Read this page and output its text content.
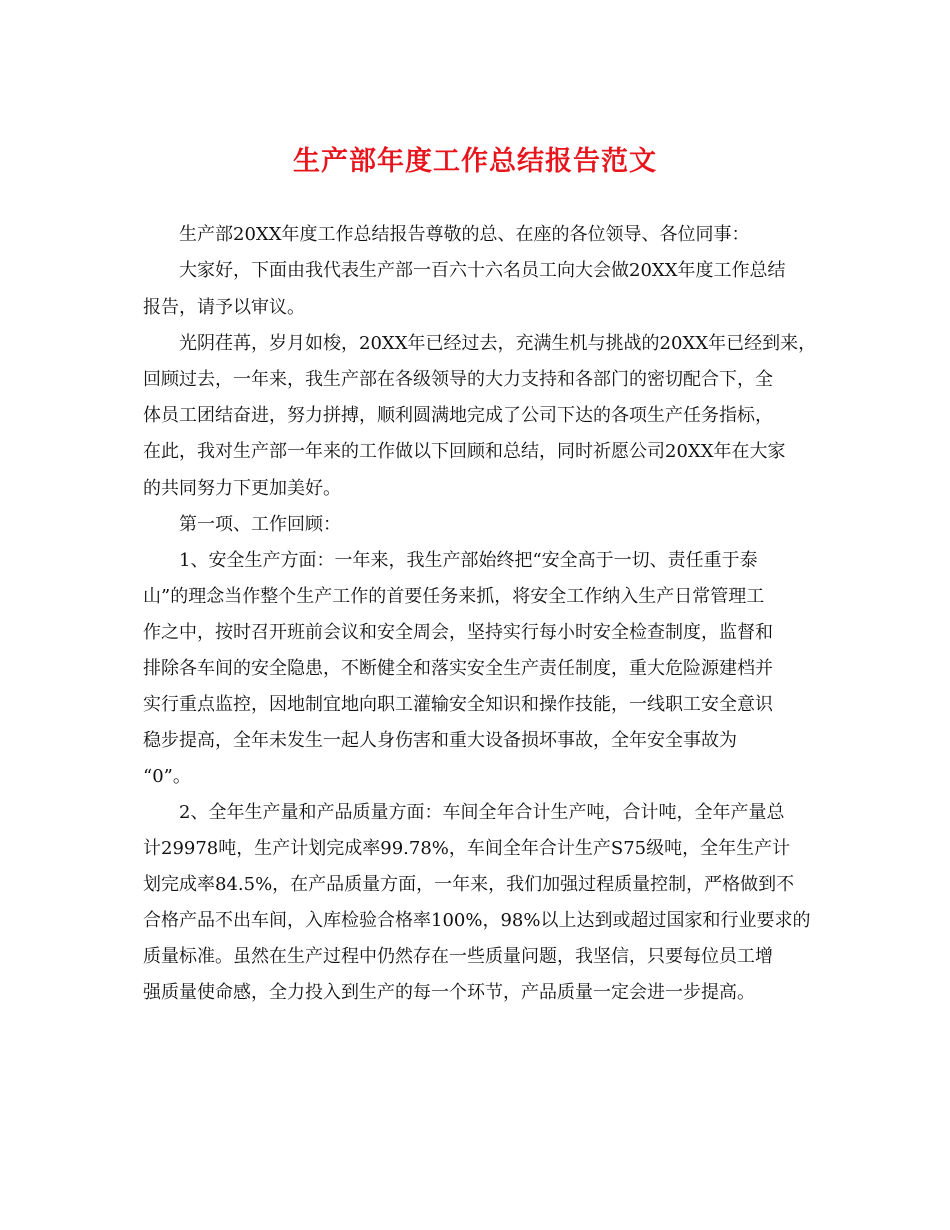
生产部年度工作总结报告范文

生产部20XX年度工作总结报告尊敬的总、在座的各位领导、各位同事：

大家好，下面由我代表生产部一百六十六名员工向大会做20XX年度工作总结

报告，请予以审议。

光阴荏苒，岁月如梭，20XX年已经过去，充满生机与挑战的20XX年已经到来，

回顾过去，一年来，我生产部在各级领导的大力支持和各部门的密切配合下，全

体员工团结奋进，努力拼搏，顺利圆满地完成了公司下达的各项生产任务指标，

在此，我对生产部一年来的工作做以下回顾和总结，同时祈愿公司20XX年在大家

的共同努力下更加美好。

第一项、工作回顾：

1、安全生产方面：一年来，我生产部始终把“安全高于一切、责任重于泰

山”的理念当作整个生产工作的首要任务来抓，将安全工作纳入生产日常管理工

作之中，按时召开班前会议和安全周会，坚持实行每小时安全检查制度，监督和

排除各车间的安全隐患，不断健全和落实安全生产责任制度，重大危险源建档并

实行重点监控，因地制宜地向职工灌输安全知识和操作技能，一线职工安全意识

稳步提高，全年未发生一起人身伤害和重大设备损坏事故，全年安全事故为

“0”。

2、全年生产量和产品质量方面：车间全年合计生产吨，合计吨，全年产量总

计29978吨，生产计划完成率99.78%，车间全年合计生产S75级吨，全年生产计

划完成率84.5%，在产品质量方面，一年来，我们加强过程质量控制，严格做到不

合格产品不出车间，入库检验合格率100%，98%以上达到或超过国家和行业要求的

质量标准。虽然在生产过程中仍然存在一些质量问题，我坚信，只要每位员工增

强质量使命感，全力投入到生产的每一个环节，产品质量一定会进一步提高。
